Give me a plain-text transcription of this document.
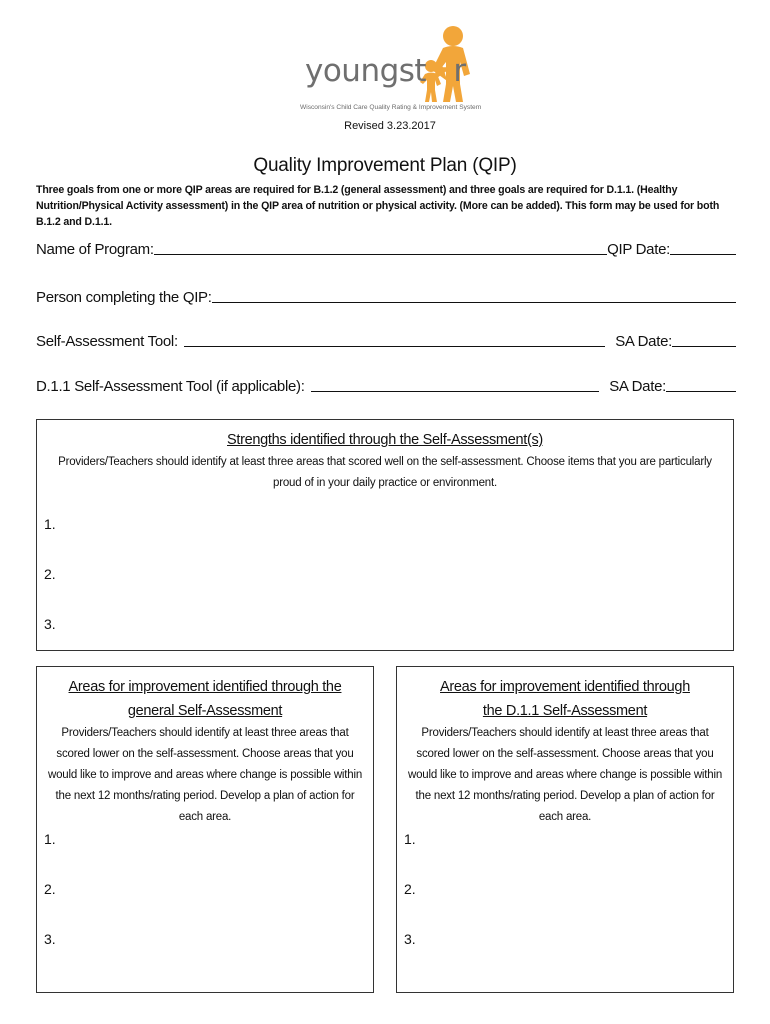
youngst★r
Wisconsin's Child Care Quality Rating & Improvement System
Revised 3.23.2017
Quality Improvement Plan (QIP)
Three goals from one or more QIP areas are required for B.1.2 (general assessment) and three goals are required for D.1.1. (Healthy Nutrition/Physical Activity assessment) in the QIP area of nutrition or physical activity. (More can be added). This form may be used for both B.1.2 and D.1.1.
Name of Program:	QIP Date:
Person completing the QIP:
Self-Assessment Tool:	SA Date:
D.1.1 Self-Assessment Tool (if applicable):	SA Date:
Strengths identified through the Self-Assessment(s)
Providers/Teachers should identify at least three areas that scored well on the self-assessment. Choose items that you are particularly proud of in your daily practice or environment.
1.
2.
3.
Areas for improvement identified through the general Self-Assessment
Providers/Teachers should identify at least three areas that scored lower on the self-assessment. Choose areas that you would like to improve and areas where change is possible within the next 12 months/rating period. Develop a plan of action for each area.
1.
2.
3.
Areas for improvement identified through the D.1.1 Self-Assessment
Providers/Teachers should identify at least three areas that scored lower on the self-assessment. Choose areas that you would like to improve and areas where change is possible within the next 12 months/rating period. Develop a plan of action for each area.
1.
2.
3.
